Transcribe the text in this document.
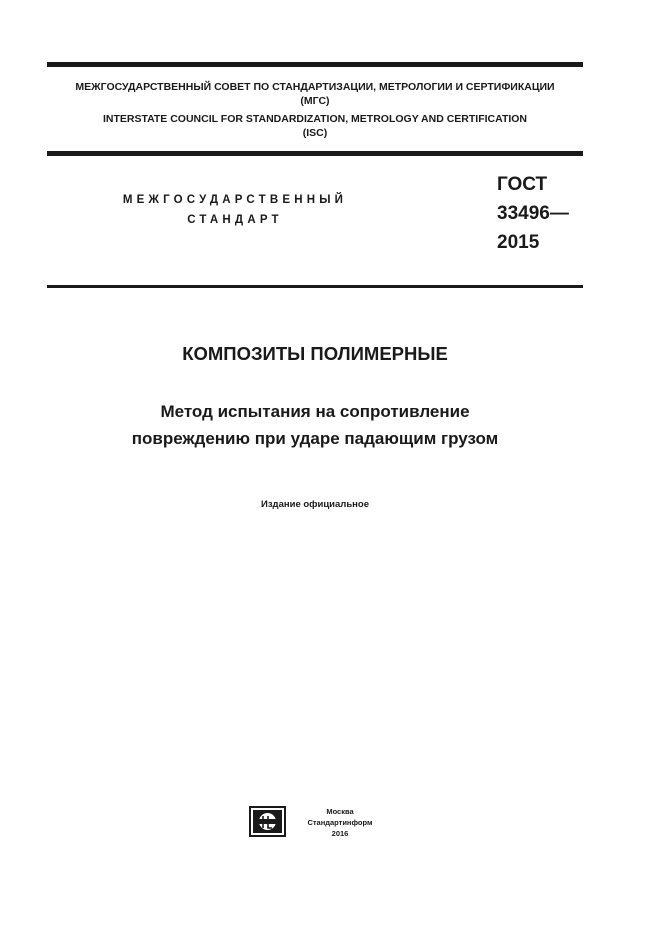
МЕЖГОСУДАРСТВЕННЫЙ СОВЕТ ПО СТАНДАРТИЗАЦИИ, МЕТРОЛОГИИ И СЕРТИФИКАЦИИ
(МГС)
INTERSTATE COUNCIL FOR STANDARDIZATION, METROLOGY AND CERTIFICATION
(ISC)
МЕЖГОСУДАРСТВЕННЫЙ
СТАНДАРТ
ГОСТ
33496—
2015
КОМПОЗИТЫ ПОЛИМЕРНЫЕ
Метод испытания на сопротивление
повреждению при ударе падающим грузом
Издание официальное
Москва
Стандартинформ
2016
